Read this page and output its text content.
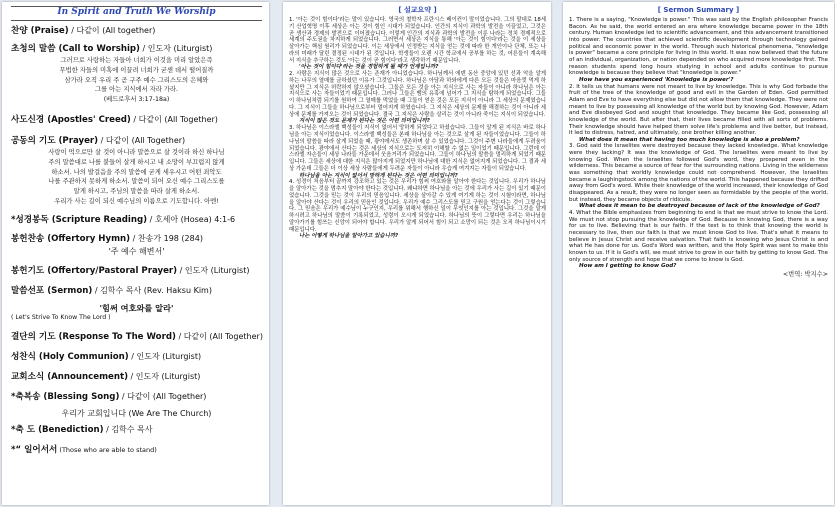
In Spirit and Truth We Worship

찬양 (Praise) / 다같이 (All together)

초청의 말씀 (Call to Worship) / 인도자 (Liturgist)

그러므로 사랑하는 자들아 너희가 이것을 미리 알았은즉

무법한 자들의 미혹에 이끌려 너희가 굳센 데서 떨어질까

삼가라 오직 우리 주 곧 구주 예수 그리스도의 은혜와

그를 아는 지식에서 자라 가라.

(베드로후서 3:17-18a)

사도신경 (Apostles' Creed) / 다같이 (All Together)

공동의 기도 (Prayer) / 다같이 (All Together)

사랑이 먹으로만 살 것이 아니라 말씀으로 살 것이라 하신 하나님

주의 말씀대로 나를 붙들어 살게 하시고 내 소망이 부끄럽지 않게

하소서. 나의 발걸음을 주의 말씀에 굳게 세우시고 어떤 죄악도

나를 주관하지 못하게 하소서. 말씀이 되어 오신 예수 그리스도를

알게 하시고, 주님의 말씀을 따라 살게 하소서.

우리가 사는 길이 되신 예수님의 이름으로 기도합니다. 아멘!

*성경봉독 (Scripture Reading) / 호세아 (Hosea) 4:1-6

봉헌찬송 (Offertory Hymn) / 찬송가 198 (284)

'주 예수 해변서'

봉헌기도 (Offertory/Pastoral Prayer) / 인도자 (Liturgist)

말씀선포 (Sermon) / 김학수 목사 (Rev. Haksu Kim)

'힘써 여호와를 알라'

( Let's Strive To Know The Lord )

결단의 기도 (Response To The Word) / 다같이 (All Together)

성찬식 (Holy Communion) / 인도자 (Liturgist)

교회소식 (Announcement) / 인도자 (Liturgist)

*축복송 (Blessing Song) / 다같이 (All Together)

우리가 교회입니다 (We Are The Church)

*축 도 (Benediction) / 김학수 목사

*“ 일어서서 (Those who are able to stand)

[ 설교요약 ]

1. '아는 것이 힘이다'라는 말이 있습니다. 영국의 철학자 프란시스 베이컨이 말이었습니다. 그의 말대로 18세기 산업혁명 이후 세상은 아는 것이 힘인 시대가 되었습니다. 인간의 지식이 과학의 발전을 이끌었고, 그것은 곧 생산과 경제의 발전으로 이어졌습니다. 이렇게 인간의 지식과 과학의 발전을 이룬 나라는 정치 경제적으로 세계의 주도권을 차지하게 되었습니다. 그러면서 세상은 지식을 통해 '아는 것이 힘이다'라는 것을 이 세상을 살아가는 핵심 원리가 되었습니다. 이는 세상에서 인정받는 지식을 얻는 것에 따라 한 개인이나 단체, 또는 나라의 미래가 달린 결정된 시대가 된 것입니다. 학생들이 오랜 시간 학교에서 공부를 하는 것, 어른들이 계속해서 지식을 추구하는 것도 '아는 것이 곧 힘이다'라고 생각하기 때문입니다.

'아는 것이 힘이다'라는 것을 경험하게 될 때가 언제입니까?

2. 사람은 지식이 많은 것으로 사는 존재가 아니었습니다. 하나님께서 에덴 동산 중앙에 있던 선과 악을 알게 하는 나무의 열매를 금하셨던 이유가 그것입니다. 하나님은 아담과 하와에게 다른 모든 것들은 마음껏 먹게 하셨지만 그 지식은 허락하지 않으셨습니다. 그들은 모든 것을 아는 지식으로 사는 자들이 아니라 하나님은 아는 지식으로 사는 자들이었기 때문입니다. 그러나 그들은 뱀의 유혹에 넘어가 그 지식을 탐하게 되었습니다. 그들이 하나님처럼 되기를 원하여 그 열매를 먹었을 때 그들이 얻은 것은 모든 지식이 아니라 그 세상의 문제였습니다. 그 지식이 그들을 하나님으로부터 멀어지게 하였습니다. 그 지식은 세상의 문제를 해결하는 것이 아니라 세상에 문제를 가져오는 것이 되었습니다. 결국 그 지식은 사람을 살리는 것이 아니라 죽이는 지식이 되었습니다.

지식이 많은 것도 문제가 된다는 것은 어떤 의미입니까?

3. 하나님은 이스라엘 백성들이 지식이 없어서 망하게 되었다고 하셨습니다. 그들이 알게 된 지식은 바로 하나님을 아는 지식이었습니다. 이스라엘 백성들은 본래 하나님을 아는 것으로 살게 된 자들이었습니다. 그들이 하나님의 말씀을 따라 살게 되었을 때, 광야에서도 생존하며 살 수 있었습니다. 그것이 주변 나라들에게 두려움이 되었습니다. 광야에서 산다는 것은 세상의 지식으로는 도저히 이해할 수 없는 일이었기 때문입니다. 그런데 이스라엘 자손들이 세상 나라들 가운데서 웃음거리가 되었습니다. 그들이 하나님의 말씀을 멀리하게 되었기 때문입니다. 그들은 세상에 대한 지식은 많아지게 되었지만 하나님에 대한 지식은 없어지게 되었습니다. 그 결과 세상 가운데 그들은 더 이상 세상 사람들에게 두려운 자들이 아니라 우습게 여겨지는 자들이 되었습니다.

하나님을 아는 지식이 없어서 망하게 된다는 것은 어떤 의미입니까?

4. 성경이 처음부터 끝까지 강조하고 있는 것은 우리가 힘써 여호와를 알아야 한다는 것입니다. 우리가 하나님을 알아가는 것을 멈추지 말아야 한다는 것입니다. 왜냐하면 하나님을 아는 것에 우리가 사는 길이 있기 때문이었습니다. 그것을 믿는 것이 우리의 믿음입니다. 세상을 살아갈 수 있게 여기게 하는 것이 시험이라면, 하나님을 알아야 산다는 것이 우리의 믿음인 것입니다. 우리가 예수 그리스도를 믿고 구원을 얻는다는 것이 그렇습니다. 그 믿음은 우리가 예수님이 누구인지, 우리를 위해서 행하신 일이 무엇인지를 아는 것입니다. 그것을 알게 하시려고 하나님의 말씀이 기록되었고, 성령이 오시게 되었습니다. 하나님의 뜻이 그렇다면 우리는 하나님을 알아가기를 힘쓰는 신앙이 되어야 합니다. 우리가 알게 되어서 힘이 되고 소망이 되는 것은 오직 하나님이시기 때문입니다.

나는 어떻게 하나님을 알아가고 있습니까?

[ Sermon Summary ]

1. There is a saying, "Knowledge is power." This was said by the English philosopher Francis Bacon. As he said, the world entered an era where knowledge became power in the 18th century. Human knowledge led to scientific advancement, and this advancement transitioned into power. The countries that achieved scientific development through technology gained political and economic power in the world. Through such historical phenomena, "knowledge is power" became a core principle for living in this world. It was now believed that the future of an individual, organization, or nation depended on who acquired more knowledge first. The reason students spend long hours studying in school and adults continue to pursue knowledge is because they believe that "knowledge is power."

How have you experienced 'Knowledge is power'?

2. It tells us that humans were not meant to live by knowledge. This is why God forbade the fruit of the tree of the knowledge of good and evil in the Garden of Eden. God permitted Adam and Eve to have everything else but did not allow them that knowledge. They were not meant to live by possessing all knowledge of the world but by knowing God. However, Adam and Eve disobeyed God and sought that knowledge. They became like God, possessing all knowledge of the world. But after that, their lives became filled with all sorts of problems. Their knowledge should have helped them solve life's problems and live better, but instead, it led to distress, hatred, and ultimately, one brother killing another.

What does it mean that having too much knowledge is also a problem?

3. God said the Israelites were destroyed because they lacked knowledge. What knowledge were they lacking? It was the knowledge of God. The Israelites were meant to live by knowing God. When the Israelites followed God's word, they prospered even in the wilderness. This became a source of fear for the surrounding nations. Living in the wilderness was something that worldly knowledge could not comprehend. However, the Israelites became a laughingstock among the nations of the world. This happened because they drifted away from God's word. While their knowledge of the world increased, their knowledge of God disappeared. As a result, they were no longer seen as formidable by the people of the world, but instead, they became objects of ridicule.

What does it mean to be destroyed because of lack of the knowledge of God?

4. What the Bible emphasizes from beginning to end is that we must strive to know the Lord. We must not stop pursuing the knowledge of God. Because in knowing God, there is a way for us to live. Believing that is our faith. If the test is to think that knowing the world is necessary to live, then our faith is that we must know God to live. That's what it means to believe in Jesus Christ and receive salvation. That faith is knowing who Jesus Christ is and what He has done for us. God's Word was written, and the Holy Spirit was sent to make this known to us. If it is God's will, we must strive to grow in our faith by getting to know God. The only source of strength and hope that we come to know is God.

How am I getting to know God?

<번역: 박지수>
